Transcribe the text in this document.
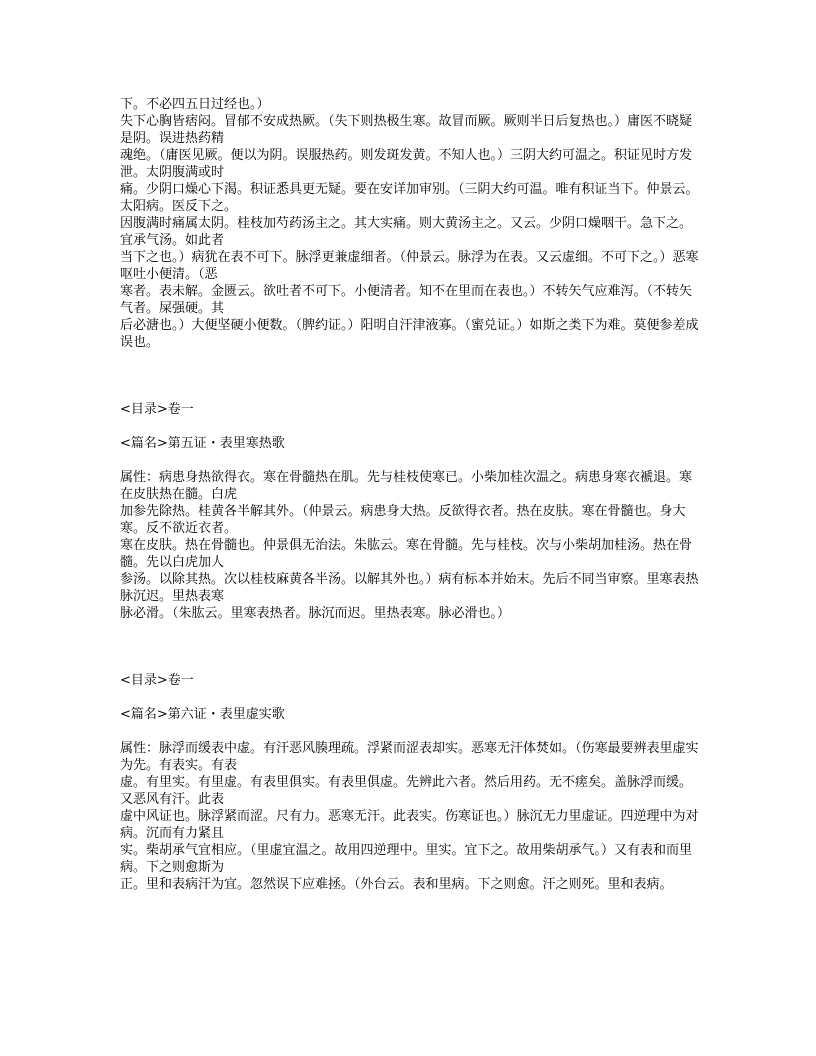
下。不必四五日过经也。）

失下心胸皆痞闷。冒郁不安成热厥。（失下则热极生寒。故冒而厥。厥则半日后复热也。）庸医不晓疑是阴。误进热药精

魂绝。（庸医见厥。便以为阴。误服热药。则发斑发黄。不知人也。）三阴大约可温之。积证见时方发泄。太阴腹满或时

痛。少阴口燥心下渴。积证悉具更无疑。要在安详加审别。（三阴大约可温。唯有积证当下。仲景云。太阳病。医反下之。

因腹满时痛属太阴。桂枝加芍药汤主之。其大实痛。则大黄汤主之。又云。少阴口燥咽干。急下之。宜承气汤。如此者

当下之也。）病犹在表不可下。脉浮更兼虚细者。（仲景云。脉浮为在表。又云虚细。不可下之。）恶寒呕吐小便清。（恶

寒者。表未解。金匮云。欲吐者不可下。小便清者。知不在里而在表也。）不转矢气应难泻。（不转矢气者。屎强硬。其

后必溏也。）大便坚硬小便数。（脾约证。）阳明自汗津液寡。（蜜兑证。）如斯之类下为难。莫便参差成误也。

<目录>卷一

<篇名>第五证・表里寒热歌

属性：病患身热欲得衣。寒在骨髓热在肌。先与桂枝使寒已。小柴加桂次温之。病患身寒衣褫退。寒在皮肤热在髓。白虎

加参先除热。桂黄各半解其外。（仲景云。病患身大热。反欲得衣者。热在皮肤。寒在骨髓也。身大寒。反不欲近衣者。

寒在皮肤。热在骨髓也。仲景俱无治法。朱肱云。寒在骨髓。先与桂枝。次与小柴胡加桂汤。热在骨髓。先以白虎加人

参汤。以除其热。次以桂枝麻黄各半汤。以解其外也。）病有标本并始末。先后不同当审察。里寒表热脉沉迟。里热表寒

脉必滑。（朱肱云。里寒表热者。脉沉而迟。里热表寒。脉必滑也。）

<目录>卷一

<篇名>第六证・表里虚实歌

属性：脉浮而缓表中虚。有汗恶风腠理疏。浮紧而涩表却实。恶寒无汗体焚如。（伤寒最要辨表里虚实为先。有表实。有表

虚。有里实。有里虚。有表里俱实。有表里俱虚。先辨此六者。然后用药。无不瘥矣。盖脉浮而缓。又恶风有汗。此表

虚中风证也。脉浮紧而涩。尺有力。恶寒无汗。此表实。伤寒证也。）脉沉无力里虚证。四逆理中为对病。沉而有力紧且

实。柴胡承气宜相应。（里虚宜温之。故用四逆理中。里实。宜下之。故用柴胡承气。）又有表和而里病。下之则愈斯为

正。里和表病汗为宜。忽然误下应难拯。（外台云。表和里病。下之则愈。汗之则死。里和表病。
